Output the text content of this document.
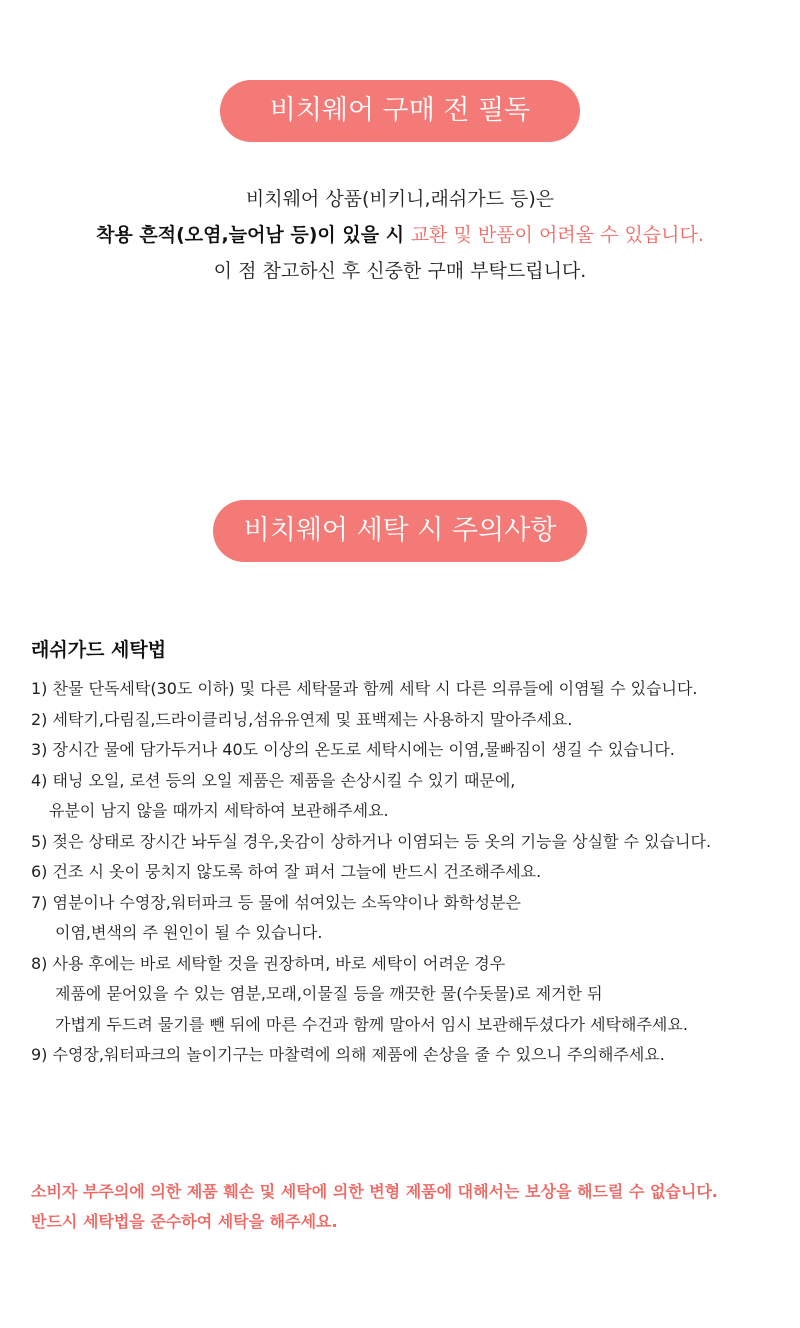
비치웨어 구매 전 필독
비치웨어 상품(비키니,래쉬가드 등)은
착용 흔적(오염,늘어남 등)이 있을 시 교환 및 반품이 어려울 수 있습니다.
이 점 참고하신 후 신중한 구매 부탁드립니다.
비치웨어 세탁 시 주의사항
래쉬가드 세탁법
1) 찬물 단독세탁(30도 이하) 및 다른 세탁물과 함께 세탁 시 다른 의류들에 이염될 수 있습니다.
2) 세탁기,다림질,드라이클리닝,섬유유연제 및 표백제는 사용하지 말아주세요.
3) 장시간 물에 담가두거나 40도 이상의 온도로 세탁시에는 이염,물빠짐이 생길 수 있습니다.
4) 태닝 오일, 로션 등의 오일 제품은 제품을 손상시킬 수 있기 때문에,
유분이 남지 않을 때까지 세탁하여 보관해주세요.
5) 젖은 상태로 장시간 놔두실 경우,옷감이 상하거나 이염되는 등 옷의 기능을 상실할 수 있습니다.
6) 건조 시 옷이 뭉치지 않도록 하여 잘 펴서 그늘에 반드시 건조해주세요.
7) 염분이나 수영장,워터파크 등 물에 섞여있는 소독약이나 화학성분은
이염,변색의 주 원인이 될 수 있습니다.
8) 사용 후에는 바로 세탁할 것을 권장하며, 바로 세탁이 어려운 경우
제품에 묻어있을 수 있는 염분,모래,이물질 등을 깨끗한 물(수돗물)로 제거한 뒤
가볍게 두드려 물기를 뺀 뒤에 마른 수건과 함께 말아서 임시 보관해두셨다가 세탁해주세요.
9) 수영장,워터파크의 놀이기구는 마찰력에 의해 제품에 손상을 줄 수 있으니 주의해주세요.
소비자 부주의에 의한 제품 훼손 및 세탁에 의한 변형 제품에 대해서는 보상을 해드릴 수 없습니다.
반드시 세탁법을 준수하여 세탁을 해주세요.
